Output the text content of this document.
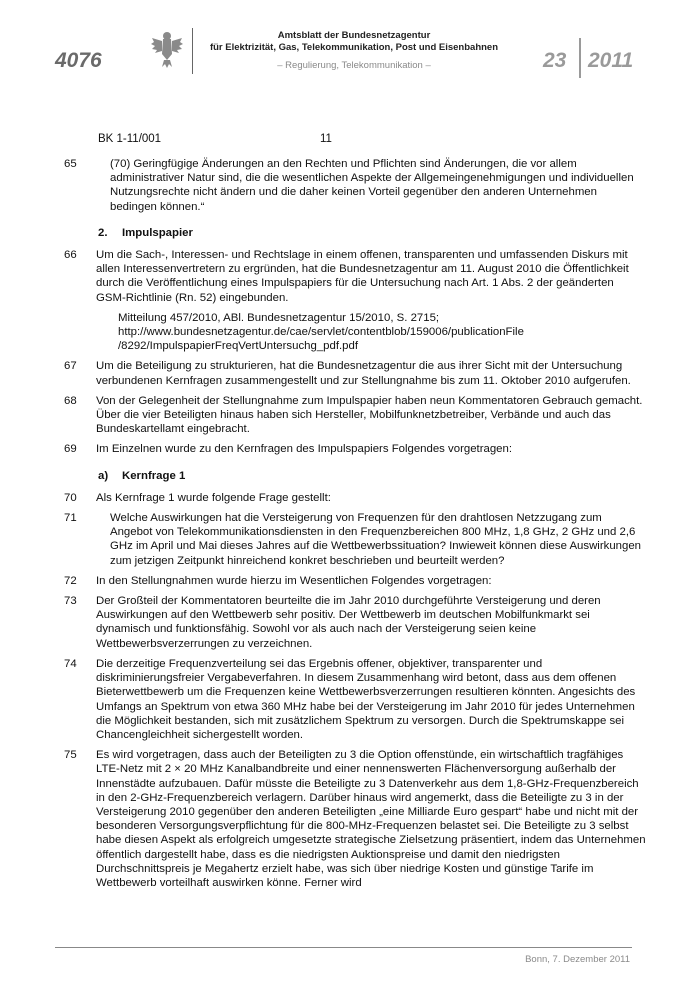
4076
Amtsblatt der Bundesnetzagentur
für Elektrizität, Gas, Telekommunikation, Post und Eisenbahnen
– Regulierung, Telekommunikation –	23 2011
BK 1-11/001	11
65	(70) Geringfügige Änderungen an den Rechten und Pflichten sind Änderungen, die vor allem administrativer Natur sind, die die wesentlichen Aspekte der Allgemeingenehmigungen und individuellen Nutzungsrechte nicht ändern und die daher keinen Vorteil gegenüber den anderen Unternehmen bedingen können.“
2. Impulspapier
66 Um die Sach-, Interessen- und Rechtslage in einem offenen, transparenten und umfassenden Diskurs mit allen Interessenvertretern zu ergründen, hat die Bundesnetzagentur am 11. August 2010 die Öffentlichkeit durch die Veröffentlichung eines Impulspapiers für die Untersuchung nach Art. 1 Abs. 2 der geänderten GSM-Richtlinie (Rn. 52) eingebunden.
Mitteilung 457/2010, ABl. Bundesnetzagentur 15/2010, S. 2715;
http://www.bundesnetzagentur.de/cae/servlet/contentblob/159006/publicationFile
/8292/ImpulspapierFreqVertUntersuchg_pdf.pdf
67 Um die Beteiligung zu strukturieren, hat die Bundesnetzagentur die aus ihrer Sicht mit der Untersuchung verbundenen Kernfragen zusammengestellt und zur Stellungnahme bis zum 11. Oktober 2010 aufgerufen.
68 Von der Gelegenheit der Stellungnahme zum Impulspapier haben neun Kommentatoren Gebrauch gemacht. Über die vier Beteiligten hinaus haben sich Hersteller, Mobilfunknetzbetreiber, Verbände und auch das Bundeskartellamt eingebracht.
69 Im Einzelnen wurde zu den Kernfragen des Impulspapiers Folgendes vorgetragen:
a) Kernfrage 1
70 Als Kernfrage 1 wurde folgende Frage gestellt:
71	Welche Auswirkungen hat die Versteigerung von Frequenzen für den drahtlosen Netzzugang zum Angebot von Telekommunikationsdiensten in den Frequenzbereichen 800 MHz, 1,8 GHz, 2 GHz und 2,6 GHz im April und Mai dieses Jahres auf die Wettbewerbssituation? Inwieweit können diese Auswirkungen zum jetzigen Zeitpunkt hinreichend konkret beschrieben und beurteilt werden?
72 In den Stellungnahmen wurde hierzu im Wesentlichen Folgendes vorgetragen:
73 Der Großteil der Kommentatoren beurteilte die im Jahr 2010 durchgeführte Versteigerung und deren Auswirkungen auf den Wettbewerb sehr positiv. Der Wettbewerb im deutschen Mobilfunkmarkt sei dynamisch und funktionsfähig. Sowohl vor als auch nach der Versteigerung seien keine Wettbewerbsverzerrungen zu verzeichnen.
74 Die derzeitige Frequenzverteilung sei das Ergebnis offener, objektiver, transparenter und diskriminierungsfreier Vergabeverfahren. In diesem Zusammenhang wird betont, dass aus dem offenen Bieterwettbewerb um die Frequenzen keine Wettbewerbsverzerrungen resultieren könnten. Angesichts des Umfangs an Spektrum von etwa 360 MHz habe bei der Versteigerung im Jahr 2010 für jedes Unternehmen die Möglichkeit bestanden, sich mit zusätzlichem Spektrum zu versorgen. Durch die Spektrumskappe sei Chancengleichheit sichergestellt worden.
75 Es wird vorgetragen, dass auch der Beteiligten zu 3 die Option offenstünde, ein wirtschaftlich tragfähiges LTE-Netz mit 2 × 20 MHz Kanalbandbreite und einer nennenswerten Flächenversorgung außerhalb der Innenstädte aufzubauen. Dafür müsste die Beteiligte zu 3 Datenverkehr aus dem 1,8-GHz-Frequenzbereich in den 2-GHz-Frequenzbereich verlagern. Darüber hinaus wird angemerkt, dass die Beteiligte zu 3 in der Versteigerung 2010 gegenüber den anderen Beteiligten „eine Milliarde Euro gespart“ habe und nicht mit der besonderen Versorgungsverpflichtung für die 800-MHz-Frequenzen belastet sei. Die Beteiligte zu 3 selbst habe diesen Aspekt als erfolgreich umgesetzte strategische Zielsetzung präsentiert, indem das Unternehmen öffentlich dargestellt habe, dass es die niedrigsten Auktionspreise und damit den niedrigsten Durchschnittspreis je Megahertz erzielt habe, was sich über niedrige Kosten und günstige Tarife im Wettbewerb vorteilhaft auswirken könne. Ferner wird
Bonn, 7. Dezember 2011
